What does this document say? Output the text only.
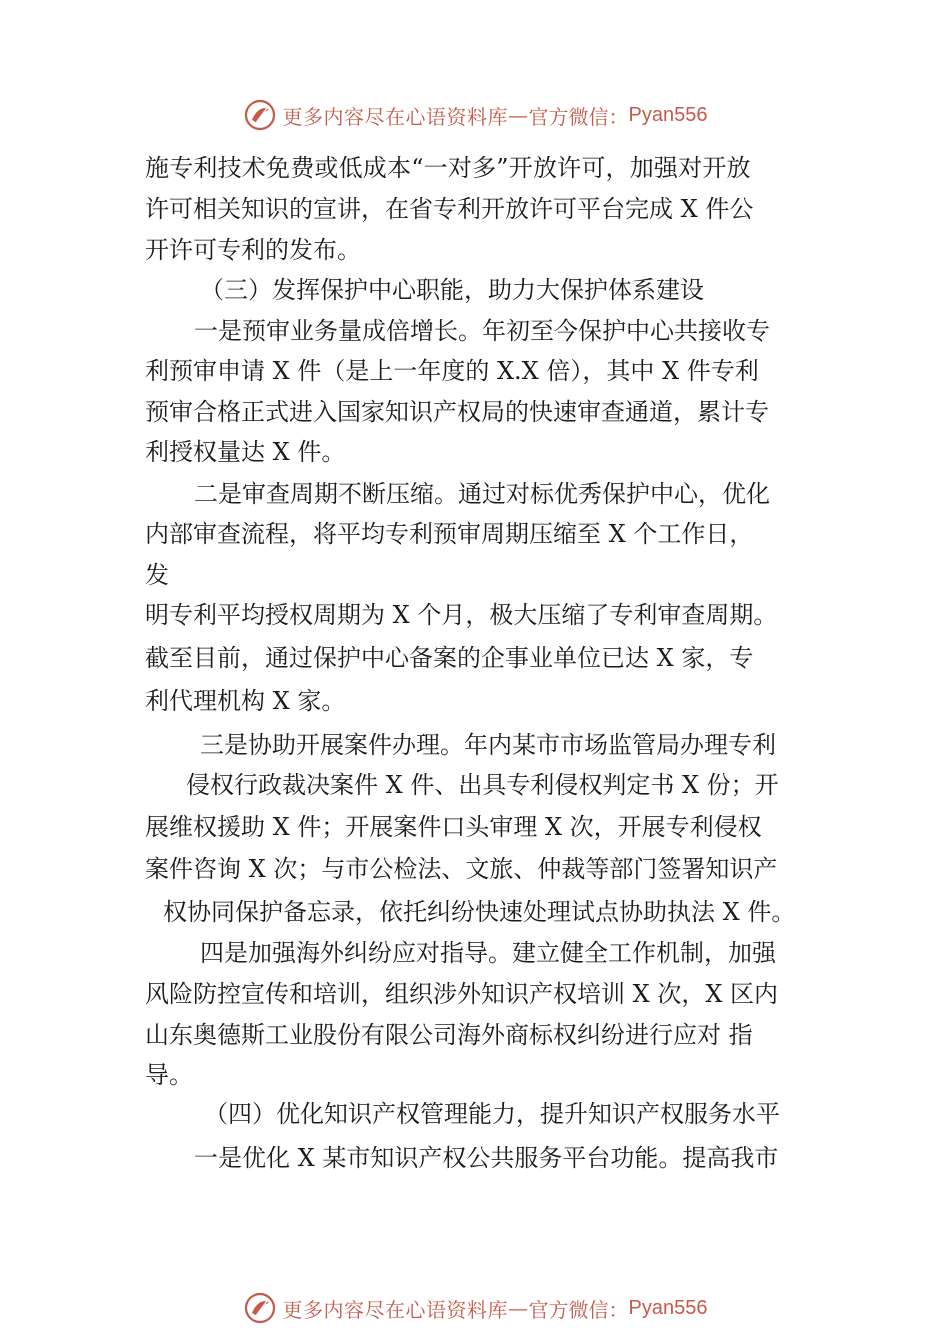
更多内容尽在心语资料库 — 官方微信： Pyan556
施专利技术免费或低成本“一对多”开放许可，加强对开放
许可相关知识的宣讲，在省专利开放许可平台完成 X 件公
开许可专利的发布。
（三）发挥保护中心职能，助力大保护体系建设
一是预审业务量成倍增长。年初至今保护中心共接收专
利预审申请 X 件（是上一年度的 X.X 倍），其中 X 件专利
预审合格正式进入国家知识产权局的快速审查通道，累计专
利授权量达 X 件。
二是审查周期不断压缩。通过对标优秀保护中心，优化
内部审查流程，将平均专利预审周期压缩至 X 个工作日，
发
明专利平均授权周期为 X 个月，极大压缩了专利审查周期。
截至目前，通过保护中心备案的企事业单位已达 X 家，专
利代理机构 X 家。
三是协助开展案件办理。年内某市市场监管局办理专利
侵权行政裁决案件 X 件、出具专利侵权判定书 X 份；开
展维权援助 X 件；开展案件口头审理 X 次，开展专利侵权
案件咨询 X 次；与市公检法、文旅、仲裁等部门签署知识产
权协同保护备忘录，依托纠纷快速处理试点协助执法 X 件。
四是加强海外纠纷应对指导。建立健全工作机制，加强
风险防控宣传和培训，组织涉外知识产权培训 X 次，X 区内
山东奥德斯工业股份有限公司海外商标权纠纷进行应对 指
导。
（四）优化知识产权管理能力，提升知识产权服务水平
一是优化 X 某市知识产权公共服务平台功能。提高我市
更多内容尽在心语资料库 — 官方微信： Pyan556
